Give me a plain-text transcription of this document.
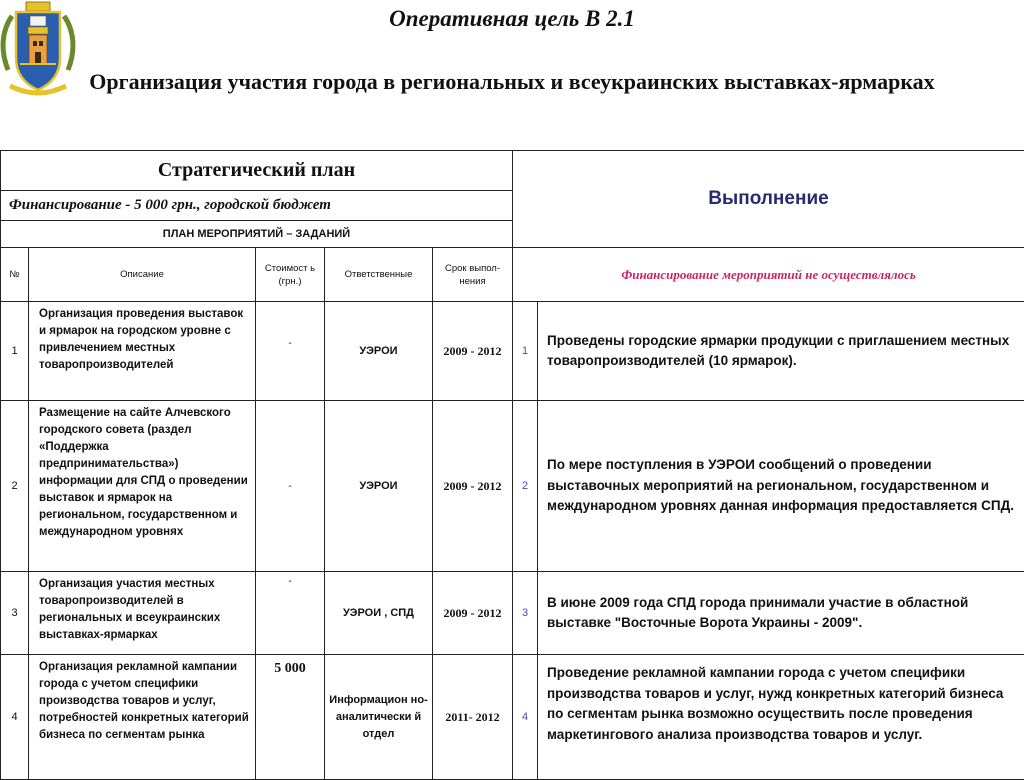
Оперативная цель В 2.1
Организация участия города в региональных и всеукраинских выставках-ярмарках
Стратегический план					Выполнение	
Финансирование - 5 000 грн., городской бюджет						
ПЛАН МЕРОПРИЯТИЙ – ЗАДАНИЙ						
№	Описание	Стоимост ь (грн.)	Ответственные	Срок выпол- нения	Финансирование мероприятий не осуществлялось	
1	Организация проведения выставок и ярмарок на городском уровне с привлечением местных товаропроизводителей	-	УЭРОИ	2009 - 2012	1	Проведены городские ярмарки продукции с приглашением местных товаропроизводителей (10 ярмарок).
2	Размещение на сайте Алчевского городского совета (раздел «Поддержка предпринимательства») информации для СПД о проведении выставок и ярмарок на региональном, государственном и международном уровнях	-	УЭРОИ	2009 - 2012	2	По мере поступления в УЭРОИ сообщений о проведении выставочных мероприятий на региональном, государственном и международном уровнях данная информация предоставляется СПД.
3	Организация участия местных товаропроизводителей в региональных и всеукраинских выставках-ярмарках	-	УЭРОИ , СПД	2009 - 2012	3	В июне 2009 года СПД города принимали участие в областной выставке "Восточные Ворота Украины - 2009".
4	Организация рекламной кампании города с учетом специфики производства товаров и услуг, потребностей конкретных категорий бизнеса по сегментам рынка	5 000	Информацион но- аналитически й отдел	2011- 2012	4	Проведение рекламной кампании города с учетом специфики производства товаров и услуг, нужд конкретных категорий бизнеса по сегментам рынка возможно осуществить после проведения маркетингового анализа производства товаров и услуг.
